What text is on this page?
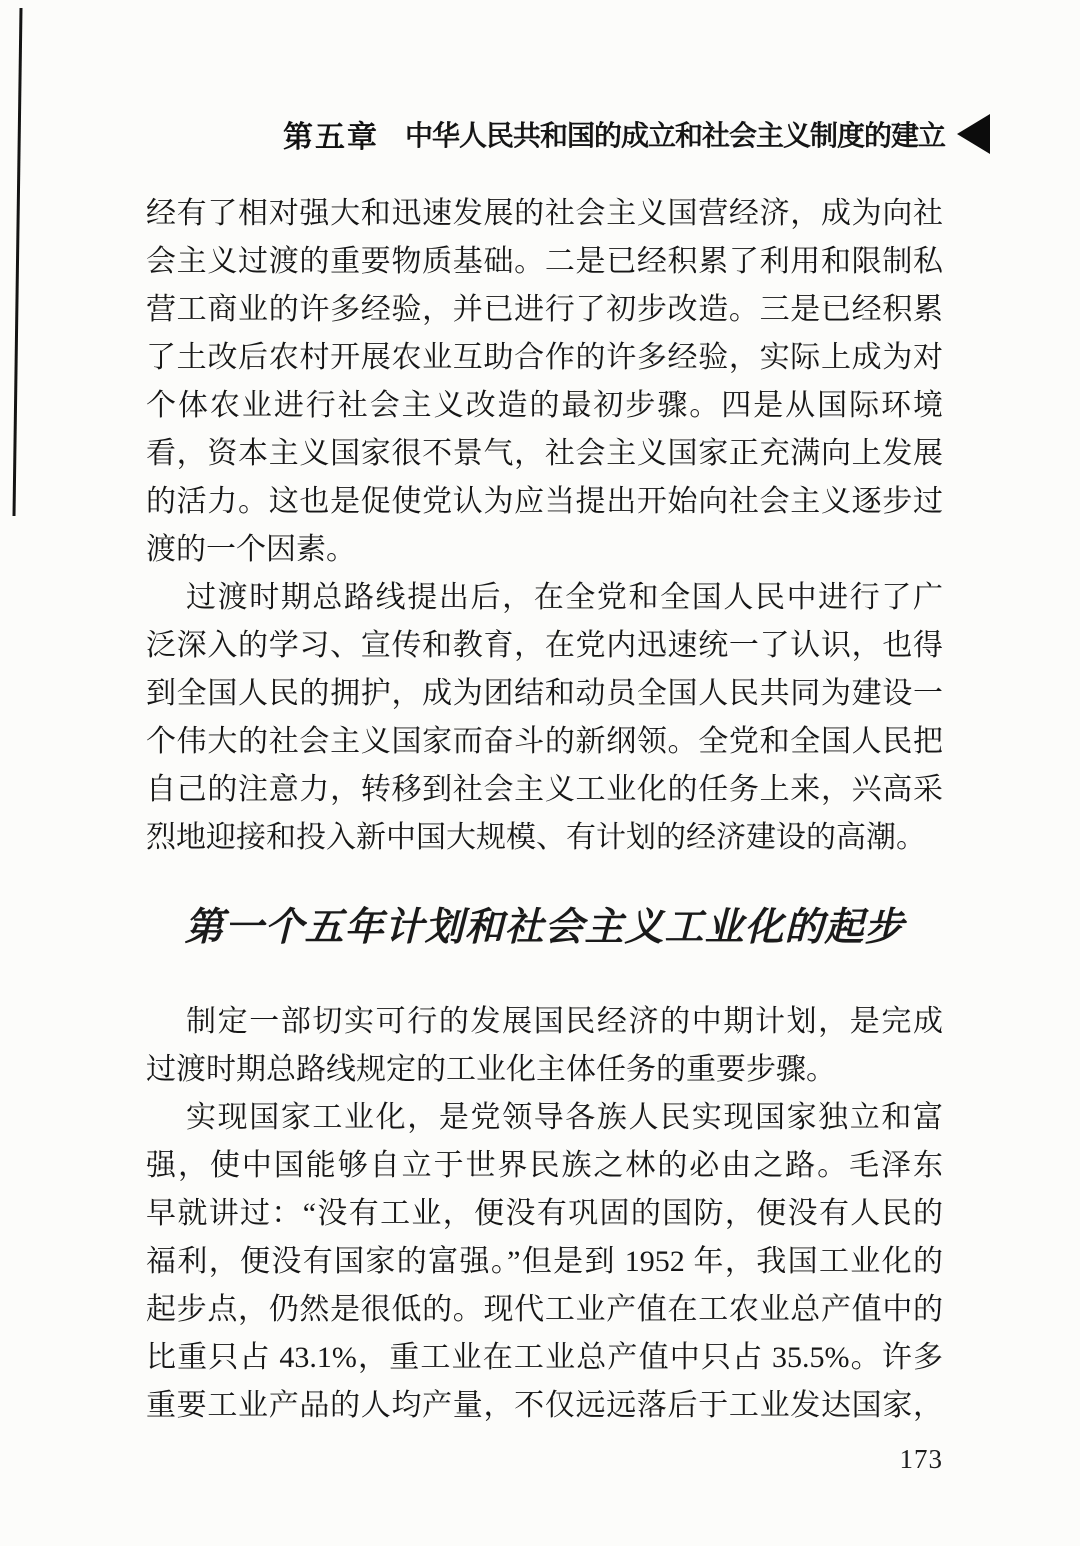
第五章 中华人民共和国的成立和社会主义制度的建立
经有了相对强大和迅速发展的社会主义国营经济，成为向社
会主义过渡的重要物质基础。二是已经积累了利用和限制私
营工商业的许多经验，并已进行了初步改造。三是已经积累
了土改后农村开展农业互助合作的许多经验，实际上成为对
个体农业进行社会主义改造的最初步骤。四是从国际环境
看，资本主义国家很不景气，社会主义国家正充满向上发展
的活力。这也是促使党认为应当提出开始向社会主义逐步过
渡的一个因素。
过渡时期总路线提出后，在全党和全国人民中进行了广
泛深入的学习、宣传和教育，在党内迅速统一了认识，也得
到全国人民的拥护，成为团结和动员全国人民共同为建设一
个伟大的社会主义国家而奋斗的新纲领。全党和全国人民把
自己的注意力，转移到社会主义工业化的任务上来，兴高采
烈地迎接和投入新中国大规模、有计划的经济建设的高潮。
第一个五年计划和社会主义工业化的起步
制定一部切实可行的发展国民经济的中期计划，是完成
过渡时期总路线规定的工业化主体任务的重要步骤。
实现国家工业化，是党领导各族人民实现国家独立和富
强，使中国能够自立于世界民族之林的必由之路。毛泽东
早就讲过：“没有工业，便没有巩固的国防，便没有人民的
福利，便没有国家的富强。”但是到 1952 年，我国工业化的
起步点，仍然是很低的。现代工业产值在工农业总产值中的
比重只占 43.1%，重工业在工业总产值中只占 35.5%。许多
重要工业产品的人均产量，不仅远远落后于工业发达国家，
173
